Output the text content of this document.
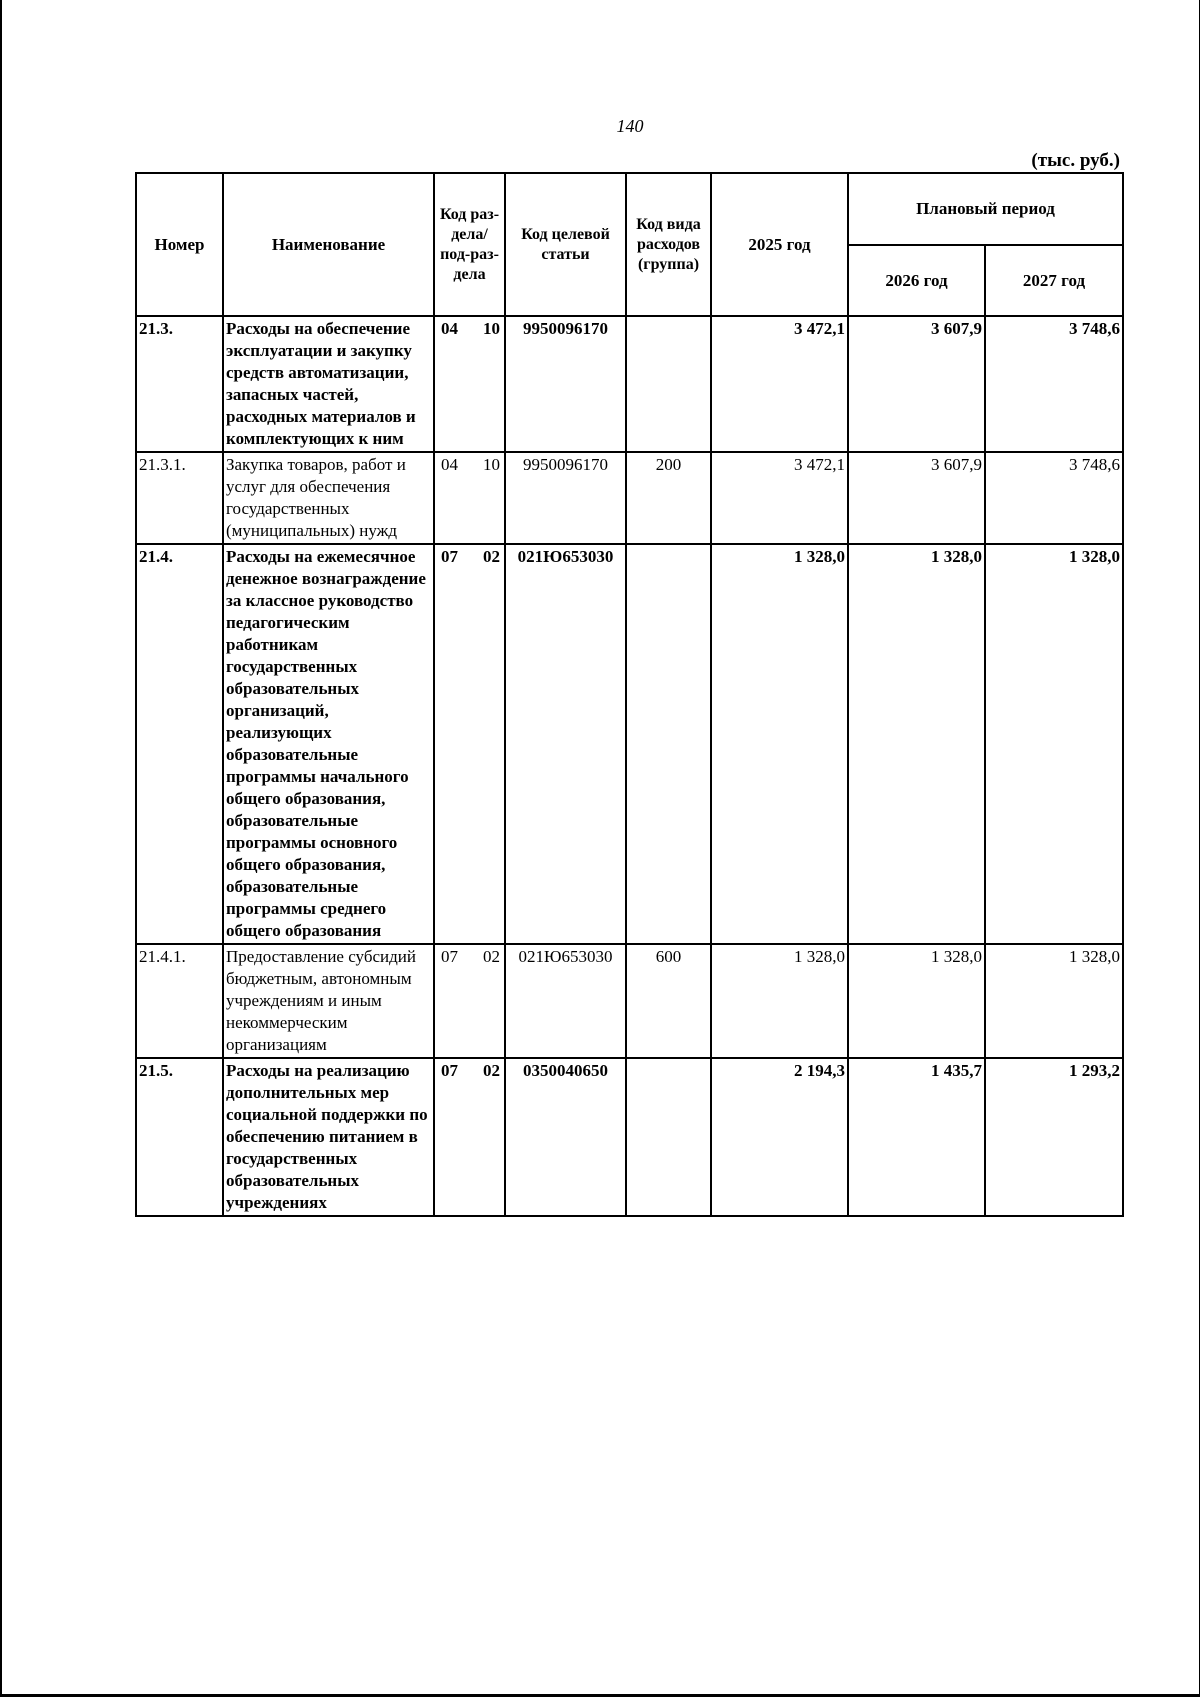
140
(тыс. руб.)
Номер	Наименование	Код раз-дела/ под-раз-дела	Код целевой статьи	Код вида расходов (группа)	2025 год	Плановый период	
						2026 год	2027 год
21.3.	Расходы на обеспечение эксплуатации и закупку средств автоматизации, запасных частей, расходных материалов и комплектующих к ним	04 10	9950096170		3 472,1	3 607,9	3 748,6
21.3.1.	Закупка товаров, работ и услуг для обеспечения государственных (муниципальных) нужд	04 10	9950096170	200	3 472,1	3 607,9	3 748,6
21.4.	Расходы на ежемесячное денежное вознаграждение за классное руководство педагогическим работникам государственных образовательных организаций, реализующих образовательные программы начального общего образования, образовательные программы основного общего образования, образовательные программы среднего общего образования	07 02	021Ю653030		1 328,0	1 328,0	1 328,0
21.4.1.	Предоставление субсидий бюджетным, автономным учреждениям и иным некоммерческим организациям	07 02	021Ю653030	600	1 328,0	1 328,0	1 328,0
21.5.	Расходы на реализацию дополнительных мер социальной поддержки по обеспечению питанием в государственных образовательных учреждениях	07 02	0350040650		2 194,3	1 435,7	1 293,2
